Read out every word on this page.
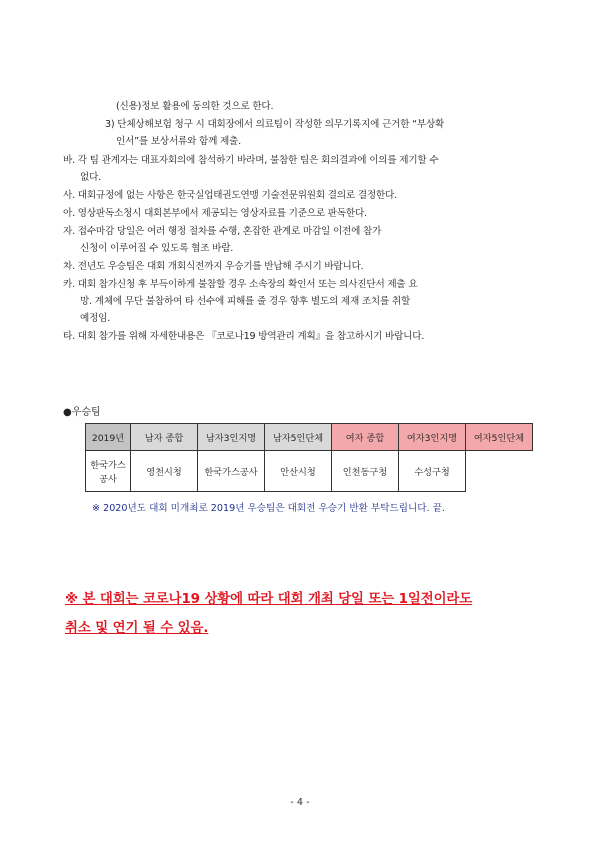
(신용)정보 활용에 동의한 것으로 한다.
3) 단체상해보험 청구 시 대회장에서 의료팀이 작성한 의무기록지에 근거한 “부상확
인서”를 보상서류와 함께 제출.
바. 각 팀 관계자는 대표자회의에 참석하기 바라며, 불참한 팀은 회의결과에 이의를 제기할 수
없다.
사. 대회규정에 없는 사항은 한국실업태권도연맹 기술전문위원회 결의로 결정한다.
아. 영상판독소청시 대회본부에서 제공되는 영상자료를 기준으로 판독한다.
자. 접수마감 당일은 여러 행정 절차를 수행, 혼잡한 관계로 마감일 이전에 참가
신청이 이루어질 수 있도록 협조 바람.
차. 전년도 우승팀은 대회 개회식전까지 우승기를 반납해 주시기 바랍니다.
카. 대회 참가신청 후 부득이하게 불참할 경우 소속장의 확인서 또는 의사진단서 제출 요
망. 계체에 무단 불참하여 타 선수에 피해를 줄 경우 향후 별도의 제재 조치를 취할
예정임.
타. 대회 참가를 위해 자세한내용은 『코로나19 방역관리 계획』을 참고하시기 바랍니다.
●우승팀
2019년	남자 종합	남자3인지명	남자5인단체	여자 종합	여자3인지명	여자5인단체
한국가스공사	영천시청	한국가스공사	안산시청	인천동구청	수성구청	
※ 2020년도 대회 미개최로 2019년 우승팀은 대회전 우승기 반환 부탁드립니다. 끝.
※ 본 대회는 코로나19 상황에 따라 대회 개최 당일 또는 1일전이라도
취소 및 연기 될 수 있음.
- 4 -
